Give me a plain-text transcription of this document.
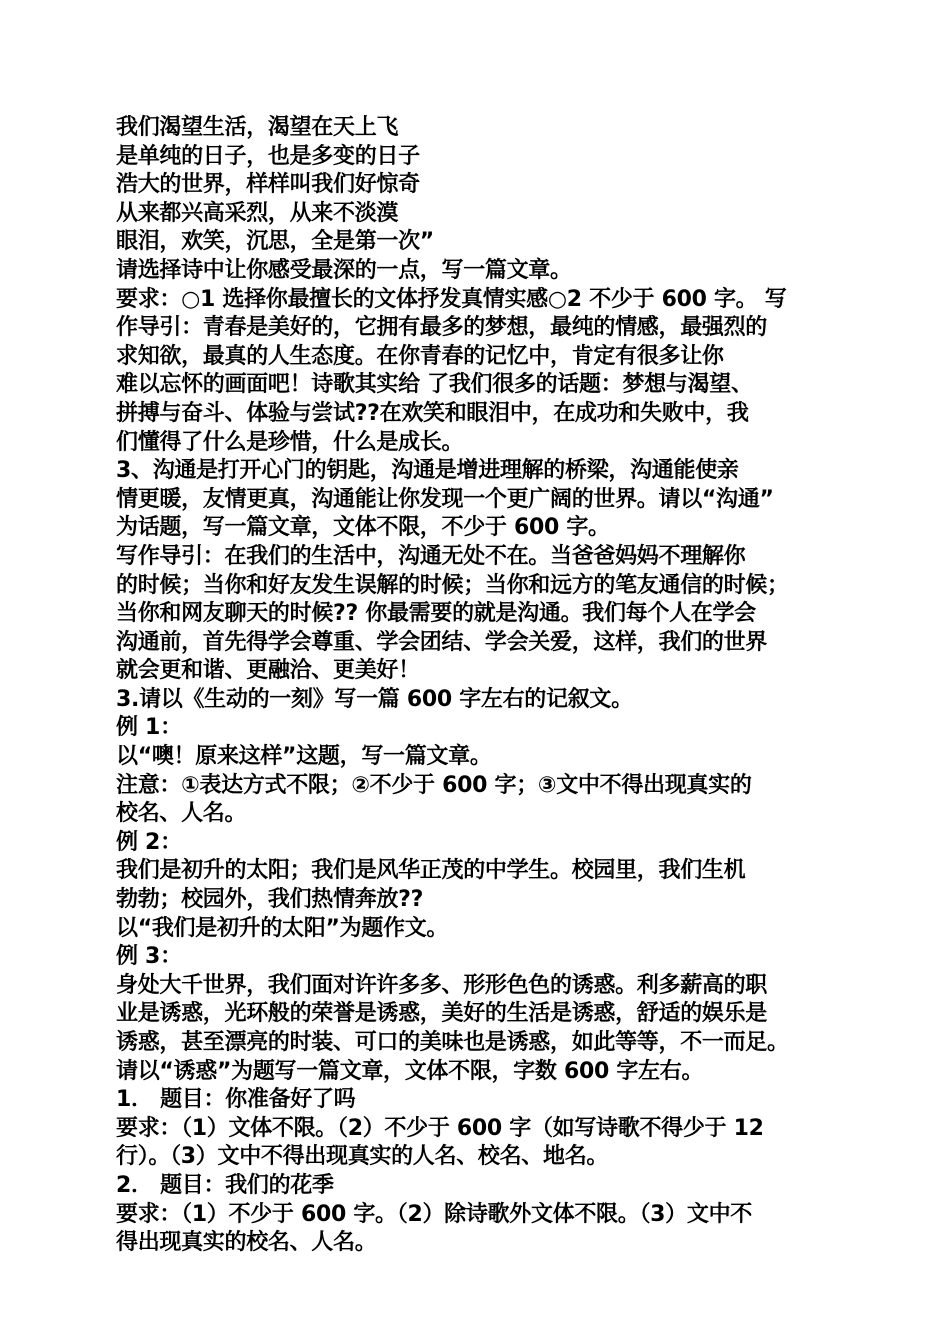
我们渴望生活，渴望在天上飞
是单纯的日子，也是多变的日子
浩大的世界，样样叫我们好惊奇
从来都兴高采烈，从来不淡漠
眼泪，欢笑，沉思，全是第一次”
请选择诗中让你感受最深的一点，写一篇文章。
要求：○1 选择你最擅长的文体抒发真情实感○2 不少于 600 字。 写
作导引：青春是美好的，它拥有最多的梦想，最纯的情感，最强烈的
求知欲，最真的人生态度。在你青春的记忆中，肯定有很多让你
难以忘怀的画面吧！诗歌其实给 了我们很多的话题：梦想与渴望、
拼搏与奋斗、体验与尝试??在欢笑和眼泪中，在成功和失败中，我
们懂得了什么是珍惜，什么是成长。
3、沟通是打开心门的钥匙，沟通是增进理解的桥梁，沟通能使亲
情更暖，友情更真，沟通能让你发现一个更广阔的世界。请以“沟通”
为话题，写一篇文章，文体不限，不少于 600 字。
写作导引：在我们的生活中，沟通无处不在。当爸爸妈妈不理解你
的时候；当你和好友发生误解的时候；当你和远方的笔友通信的时候；
当你和网友聊天的时候?? 你最需要的就是沟通。我们每个人在学会
沟通前，首先得学会尊重、学会团结、学会关爱，这样，我们的世界
就会更和谐、更融洽、更美好！
3.请以《生动的一刻》写一篇 600 字左右的记叙文。
例 1：
以“噢！原来这样”这题，写一篇文章。
注意：①表达方式不限；②不少于 600 字；③文中不得出现真实的
校名、人名。
例 2：
我们是初升的太阳；我们是风华正茂的中学生。校园里，我们生机
勃勃；校园外，我们热情奔放??
以“我们是初升的太阳”为题作文。
例 3：
身处大千世界，我们面对许许多多、形形色色的诱惑。利多薪高的职
业是诱惑，光环般的荣誉是诱惑，美好的生活是诱惑，舒适的娱乐是
诱惑，甚至漂亮的时装、可口的美味也是诱惑，如此等等，不一而足。
请以“诱惑”为题写一篇文章，文体不限，字数 600 字左右。
1． 题目：你准备好了吗
要求：（1）文体不限。（2）不少于 600 字（如写诗歌不得少于 12
行）。（3）文中不得出现真实的人名、校名、地名。
2． 题目：我们的花季
要求：（1）不少于 600 字。（2）除诗歌外文体不限。（3）文中不
得出现真实的校名、人名。
